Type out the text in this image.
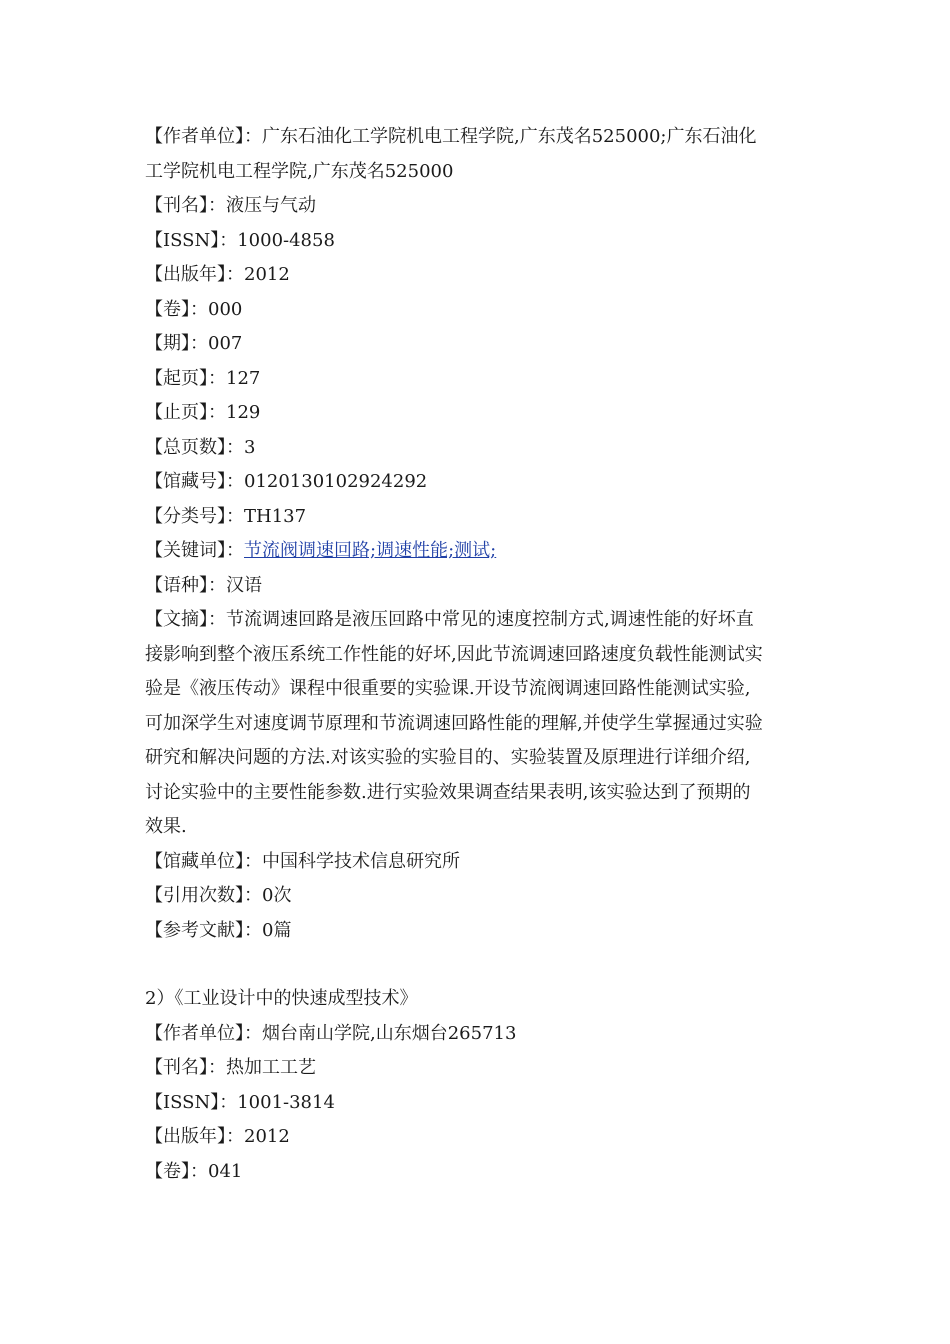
【作者单位】：广东石油化工学院机电工程学院,广东茂名525000;广东石油化
工学院机电工程学院,广东茂名525000
【刊名】：液压与气动
【ISSN】：1000-4858
【出版年】：2012
【卷】：000
【期】：007
【起页】：127
【止页】：129
【总页数】：3
【馆藏号】：0120130102924292
【分类号】：TH137
【关键词】：节流阀调速回路;调速性能;测试;
【语种】：汉语
【文摘】：节流调速回路是液压回路中常见的速度控制方式,调速性能的好坏直
接影响到整个液压系统工作性能的好坏,因此节流调速回路速度负载性能测试实
验是《液压传动》课程中很重要的实验课.开设节流阀调速回路性能测试实验,
可加深学生对速度调节原理和节流调速回路性能的理解,并使学生掌握通过实验
研究和解决问题的方法.对该实验的实验目的、实验装置及原理进行详细介绍,
讨论实验中的主要性能参数.进行实验效果调查结果表明,该实验达到了预期的
效果.
【馆藏单位】：中国科学技术信息研究所
【引用次数】：0次
【参考文献】：0篇
2）《工业设计中的快速成型技术》
【作者单位】：烟台南山学院,山东烟台265713
【刊名】：热加工工艺
【ISSN】：1001-3814
【出版年】：2012
【卷】：041
